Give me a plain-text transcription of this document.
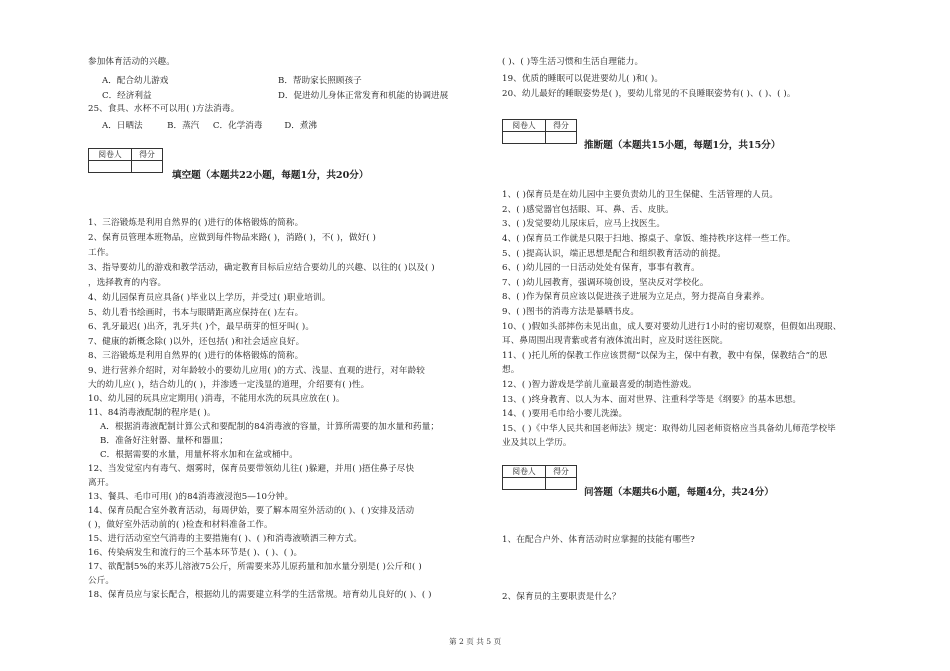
参加体育活动的兴趣。
A．配合幼儿游戏	B．帮助家长照顾孩子
C．经济利益	D．促进幼儿身体正常发育和机能的协调进展
25、食具、水杯不可以用( )方法消毒。
A．日晒法         B．蒸汽     C．化学消毒        D．煮沸
阅卷人	得分

填空题（本题共22小题，每题1分，共20分）
1、三浴锻炼是利用自然界的( )进行的体格锻炼的简称。
2、保育员管理本班物品，应做到每件物品来路( )，消路( )，不( )，做好( )
工作。
3、指导要幼儿的游戏和教学活动，确定教育目标后应结合要幼儿的兴趣、以往的( )以及( )
，选择教育的内容。
4、幼儿园保育员应具备( )毕业以上学历，并受过( )职业培训。
5、幼儿看书绘画时，书本与眼睛距离应保持在( )左右。
6、乳牙最迟( )出齐，乳牙共( )个，最早萌芽的恒牙叫( )。
7、健康的新概念除( )以外，还包括( )和社会适应良好。
8、三浴锻炼是利用自然界的( )进行的体格锻炼的简称。
9、进行营养介绍时，对年龄较小的要幼儿应用( )的方式、浅显、直观的进行，对年龄较
大的幼儿应( )，结合幼儿的( )，并渗透一定浅显的道理，介绍要有( )性。
10、幼儿园的玩具应定期用( )消毒，不能用水洗的玩具应放在( )。
11、84消毒液配制的程序是( )。
A．根据消毒液配制计算公式和要配制的84消毒液的容量，计算所需要的加水量和药量；
B．准备好注射器、量杯和器皿；
C．根据需要的水量，用量杯将水加和在盆或桶中。
12、当发觉室内有毒气、烟雾时，保育员要带领幼儿往( )躲避，并用( )捂住鼻子尽快
离开。
13、餐具、毛巾可用( )的84消毒液浸泡5—10分钟。
14、保育员配合室外教育活动，每周伊始，要了解本周室外活动的( )、( )安排及活动
( )，做好室外活动前的( )检查和材料准备工作。
15、进行活动室空气消毒的主要措施有( )、( )和消毒液喷洒三种方式。
16、传染病发生和流行的三个基本环节是( )、( )、( )。
17、欲配制5%的来苏儿溶液75公斤，所需要来苏儿原药量和加水量分别是( )公斤和( )
公斤。
18、保育员应与家长配合，根据幼儿的需要建立科学的生活常规。培育幼儿良好的( )、( )
( )、( )等生活习惯和生活自理能力。
19、优质的睡眠可以促进要幼儿( )和( )。
20、幼儿最好的睡眠姿势是( )，要幼儿常见的不良睡眠姿势有( )、( )、( )。
阅卷人	得分

推断题（本题共15小题，每题1分，共15分）
1、( )保育员是在幼儿园中主要负责幼儿的卫生保健、生活管理的人员。
2、( )感觉器官包括眼、耳、鼻、舌、皮肤。
3、( )发觉要幼儿尿床后，应马上找医生。
4、( )保育员工作就是只限于扫地、擦桌子、拿饭、维持秩序这样一些工作。
5、( )提高认识，端正思想是配合和组织教育活动的前提。
6、( )幼儿园的一日活动处处有保育，事事有教育。
7、( )幼儿园教育，强调环境创设，坚决反对学校化。
8、( )作为保育员应该以促进孩子进展为立足点，努力提高自身素养。
9、( )图书的消毒方法是暴晒书皮。
10、( )假如头部摔伤未见出血，成人要对要幼儿进行1小时的密切观察，但假如出现眼、
耳、鼻周围出现青紫或者有液体流出时，应及时送往医院。
11、( )托儿所的保教工作应该贯彻“以保为主，保中有教，教中有保，保教结合”的思
想。
12、( )智力游戏是学前儿童最喜爱的制造性游戏。
13、( )终身教育、以人为本、面对世界、注重科学等是《纲要》的基本思想。
14、( )要用毛巾给小婴儿洗澡。
15、( )《中华人民共和国老师法》规定：取得幼儿园老师资格应当具备幼儿师范学校毕
业及其以上学历。
阅卷人	得分

问答题（本题共6小题，每题4分，共24分）
1、在配合户外、体育活动时应掌握的技能有哪些?
2、保育员的主要职责是什么？
第 2 页 共 5 页
